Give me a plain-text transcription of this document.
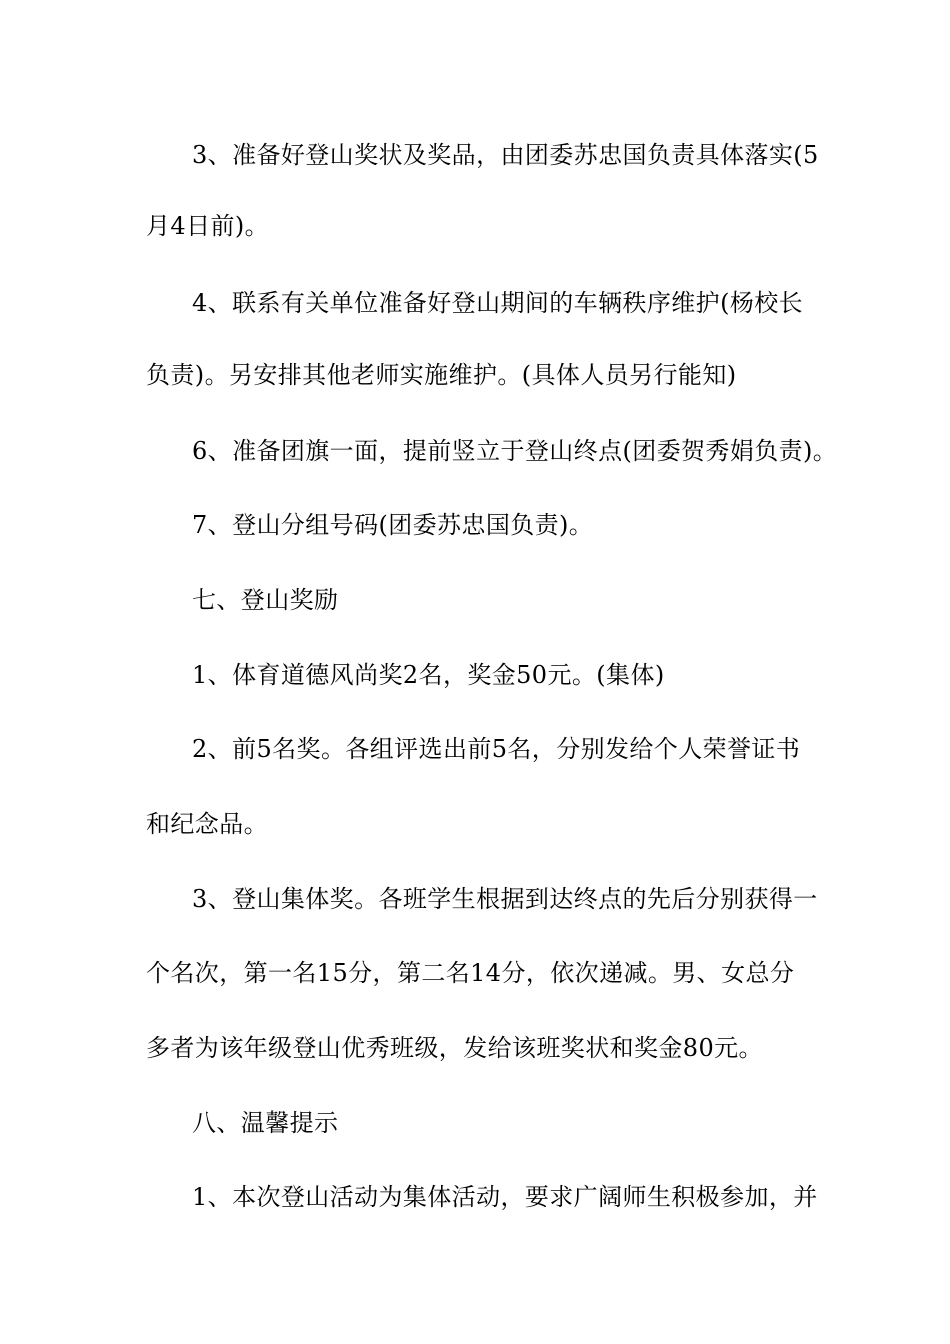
3、准备好登山奖状及奖品，由团委苏忠国负责具体落实(5
月4日前)。
4、联系有关单位准备好登山期间的车辆秩序维护(杨校长
负责)。另安排其他老师实施维护。(具体人员另行能知)
6、准备团旗一面，提前竖立于登山终点(团委贺秀娟负责)。
7、登山分组号码(团委苏忠国负责)。
七、登山奖励
1、体育道德风尚奖2名，奖金50元。(集体)
2、前5名奖。各组评选出前5名，分别发给个人荣誉证书
和纪念品。
3、登山集体奖。各班学生根据到达终点的先后分别获得一
个名次，第一名15分，第二名14分，依次递减。男、女总分
多者为该年级登山优秀班级，发给该班奖状和奖金80元。
八、温馨提示
1、本次登山活动为集体活动，要求广阔师生积极参加，并
